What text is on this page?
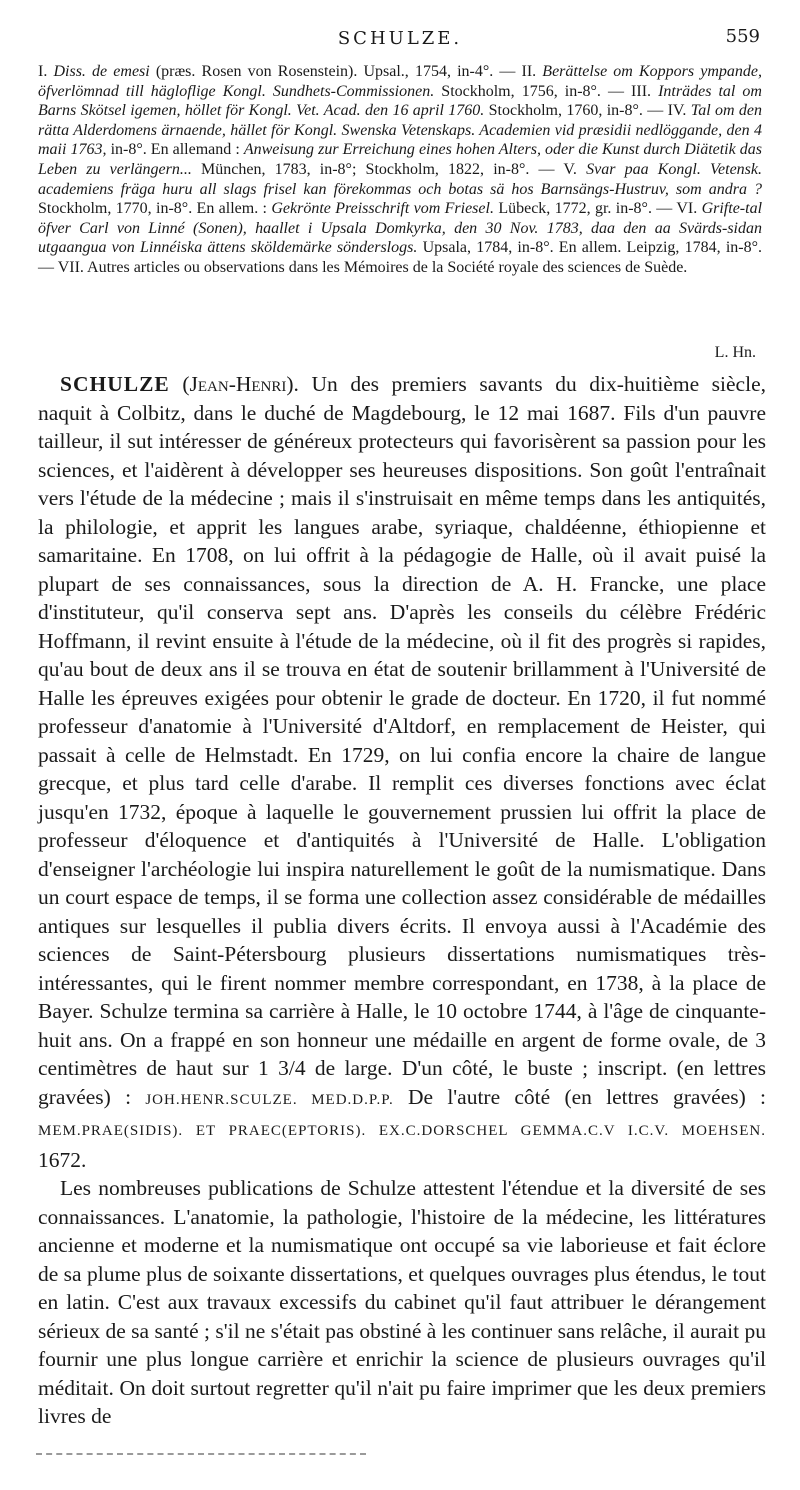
SCHULZE.	559
I. Diss. de emesi (præs. Rosen von Rosenstein). Upsal., 1754, in-4°. — II. Berättelse om Koppors ympande, öfverlömnad till hägloflige Kongl. Sundhets-Commissionen. Stockholm, 1756, in-8°. — III. Inträdes tal om Barns Skötsel igemen, höllet för Kongl. Vet. Acad. den 16 april 1760. Stockholm, 1760, in-8°. — IV. Tal om den rätta Alderdomens ärnaende, hället för Kongl. Swenska Vetenskaps. Academien vid præsidii nedlöggande, den 4 maii 1763, in-8°. En allemand : Anweisung zur Erreichung eines hohen Alters, oder die Kunst durch Diätetik das Leben zu verlängern... München, 1783, in-8°; Stockholm, 1822, in-8°. — V. Svar paa Kongl. Vetensk. academiens fräga huru all slags frisel kan förekommas och botas sä hos Barnsängs-Hustruv, som andra ? Stockholm, 1770, in-8°. En allem. : Gekrönte Preisschrift vom Friesel. Lübeck, 1772, gr. in-8°. — VI. Grifte-tal öfver Carl von Linné (Sonen), haallet i Upsala Domkyrka, den 30 Nov. 1783, daa den aa Svärds-sidan utgaangua von Linnéiska ättens sköldemärke sönderslogs. Upsala, 1784, in-8°. En allem. Leipzig, 1784, in-8°. — VII. Autres articles ou observations dans les Mémoires de la Société royale des sciences de Suède.
L. Hn.

SCHULZE (Jean-Henri). Un des premiers savants du dix-huitième siècle, naquit à Colbitz, dans le duché de Magdebourg, le 12 mai 1687. Fils d'un pauvre tailleur, il sut intéresser de généreux protecteurs qui favorisèrent sa passion pour les sciences, et l'aidèrent à développer ses heureuses dispositions. Son goût l'entraînait vers l'étude de la médecine ; mais il s'instruisait en même temps dans les antiquités, la philologie, et apprit les langues arabe, syriaque, chaldéenne, éthiopienne et samaritaine. En 1708, on lui offrit à la pédagogie de Halle, où il avait puisé la plupart de ses connaissances, sous la direction de A. H. Francke, une place d'instituteur, qu'il conserva sept ans. D'après les conseils du célèbre Frédéric Hoffmann, il revint ensuite à l'étude de la médecine, où il fit des progrès si rapides, qu'au bout de deux ans il se trouva en état de soutenir brillamment à l'Université de Halle les épreuves exigées pour obtenir le grade de docteur. En 1720, il fut nommé professeur d'anatomie à l'Université d'Altdorf, en remplacement de Heister, qui passait à celle de Helmstadt. En 1729, on lui confia encore la chaire de langue grecque, et plus tard celle d'arabe. Il remplit ces diverses fonctions avec éclat jusqu'en 1732, époque à laquelle le gouvernement prussien lui offrit la place de professeur d'éloquence et d'antiquités à l'Université de Halle. L'obligation d'enseigner l'archéologie lui inspira naturellement le goût de la numismatique. Dans un court espace de temps, il se forma une collection assez considérable de médailles antiques sur lesquelles il publia divers écrits. Il envoya aussi à l'Académie des sciences de Saint-Pétersbourg plusieurs dissertations numismatiques très-intéressantes, qui le firent nommer membre correspondant, en 1738, à la place de Bayer. Schulze termina sa carrière à Halle, le 10 octobre 1744, à l'âge de cinquante-huit ans. On a frappé en son honneur une médaille en argent de forme ovale, de 3 centimètres de haut sur 1 3/4 de large. D'un côté, le buste ; inscript. (en lettres gravées) : JOH.HENR.SCULZE. MED.D.P.P. De l'autre côté (en lettres gravées) : MEM.PRAE(SIDIS). ET PRAEC(EPTORIS). EX.C.DORSCHEL GEMMA.C.V I.C.V. MOEHSEN. 1672.

Les nombreuses publications de Schulze attestent l'étendue et la diversité de ses connaissances. L'anatomie, la pathologie, l'histoire de la médecine, les littératures ancienne et moderne et la numismatique ont occupé sa vie laborieuse et fait éclore de sa plume plus de soixante dissertations, et quelques ouvrages plus étendus, le tout en latin. C'est aux travaux excessifs du cabinet qu'il faut attribuer le dérangement sérieux de sa santé ; s'il ne s'était pas obstiné à les continuer sans relâche, il aurait pu fournir une plus longue carrière et enrichir la science de plusieurs ouvrages qu'il méditait. On doit surtout regretter qu'il n'ait pu faire imprimer que les deux premiers livres de
